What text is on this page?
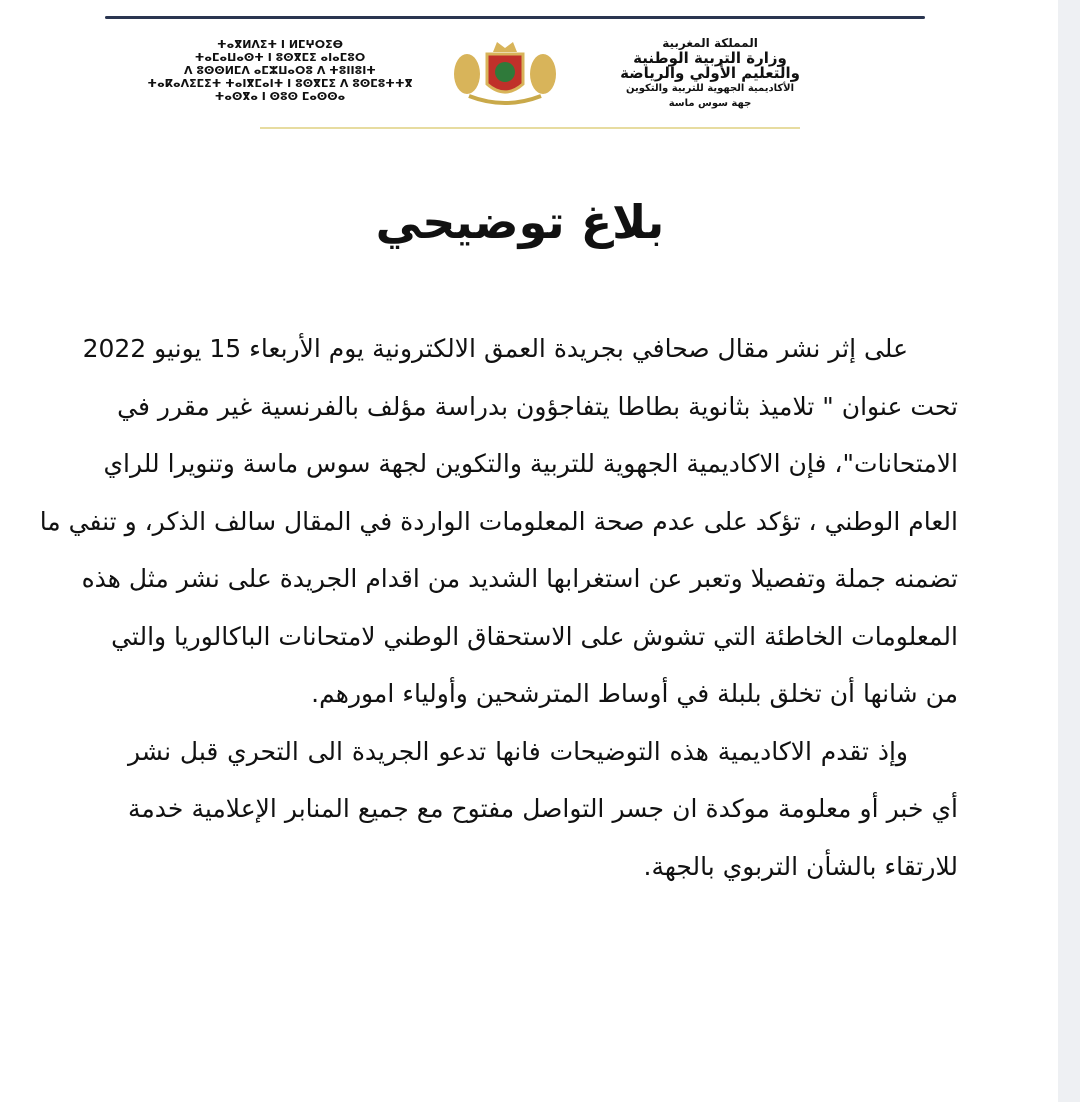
ⵜⴰⴳⵍⴷⵉⵜ ⵏ ⵍⵎⵖⵔⵉⴱ
ⵜⴰⵎⴰⵡⴰⵙⵜ ⵏ ⵓⵙⴳⵎⵉ ⴰⵏⴰⵎⵓⵔ
ⴷ ⵓⵙⵙⵍⵎⴷ ⴰⵎⵣⵡⴰⵔⵓ ⴷ ⵜⵓⵏⵏⵓⵏⵜ
ⵜⴰⴽⴰⴷⵉⵎⵉⵜ ⵜⴰⵏⴳⵎⴰⵏⵜ ⵏ ⵓⵙⴳⵎⵉ ⴷ ⵓⵙⵎⵓⵜⵜⴳ
ⵜⴰⵙⴳⴰ ⵏ ⵙⵓⵙ ⵎⴰⵙⵙⴰ
المملكة المغربية
وزارة التربية الوطنية
والتعليم الأولي والرياضة
الأكاديمية الجهوية للتربية والتكوين
جهة سوس ماسة
بلاغ توضيحي
على إثر نشر مقال صحافي بجريدة العمق الالكترونية يوم الأربعاء 15 يونيو 2022
تحت عنوان " تلاميذ بثانوية بطاطا يتفاجؤون بدراسة مؤلف بالفرنسية غير مقرر في
الامتحانات"، فإن الاكاديمية الجهوية للتربية والتكوين لجهة سوس ماسة وتنويرا للراي
العام الوطني ، تؤكد على عدم صحة المعلومات الواردة في المقال سالف الذكر، و تنفي ما
تضمنه جملة وتفصيلا وتعبر عن استغرابها الشديد من اقدام الجريدة على نشر مثل هذه
المعلومات الخاطئة التي تشوش على الاستحقاق الوطني لامتحانات الباكالوريا والتي
من شانها أن تخلق بلبلة في أوساط المترشحين وأولياء امورهم.
وإذ تقدم الاكاديمية هذه التوضيحات فانها تدعو الجريدة الى التحري قبل نشر
أي خبر أو معلومة موكدة ان جسر التواصل مفتوح مع جميع المنابر الإعلامية خدمة
للارتقاء بالشأن التربوي بالجهة.
